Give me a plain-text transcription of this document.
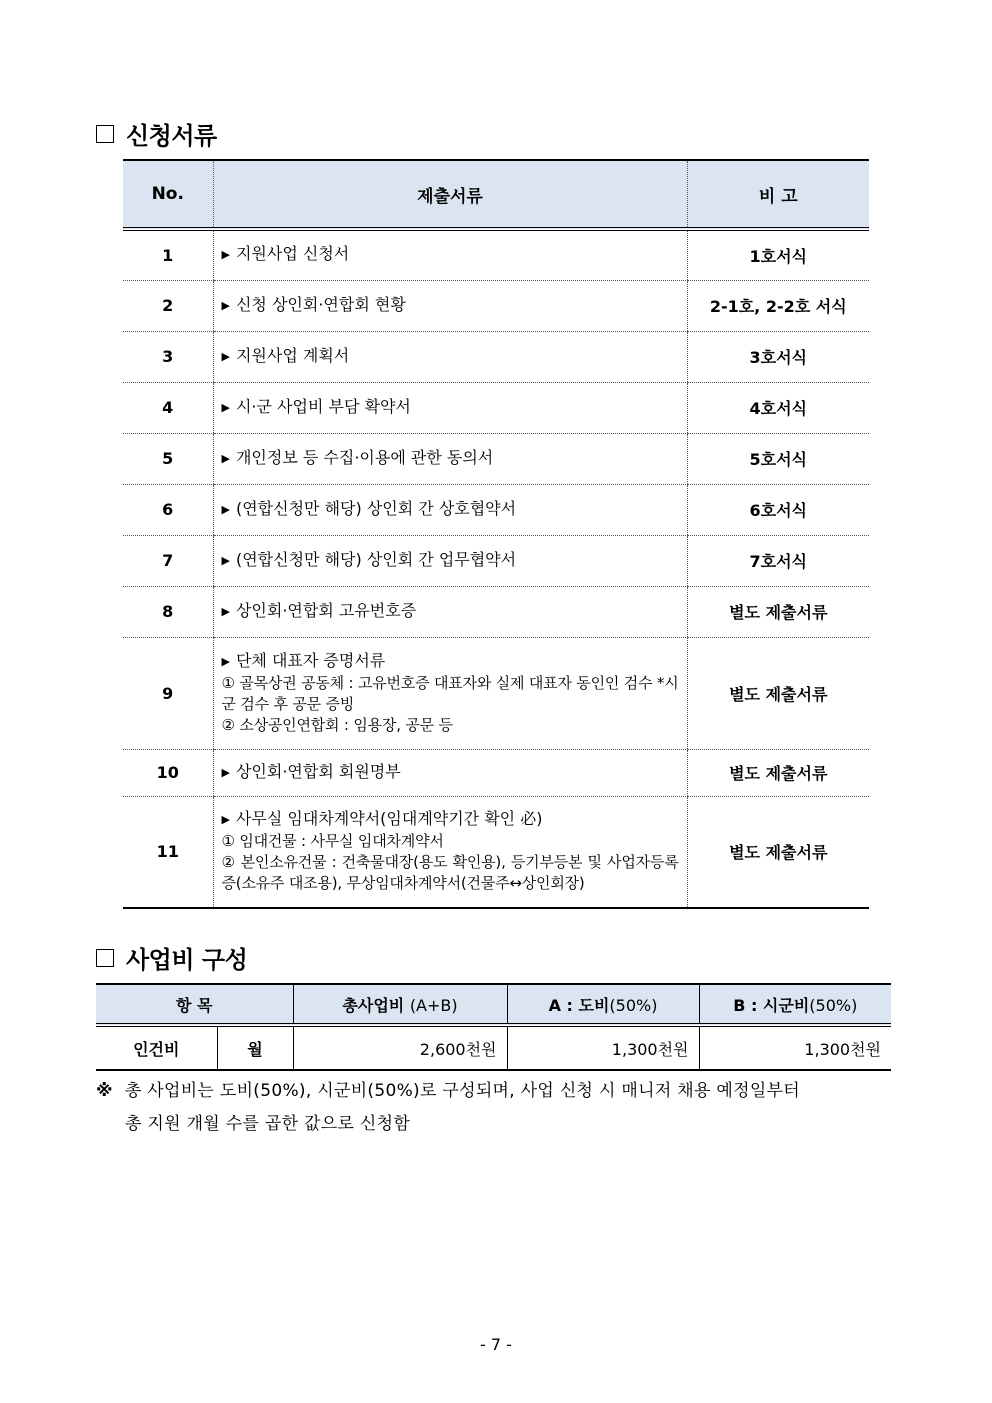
신청서류
No.	제출서류	비 고
1	▶ 지원사업 신청서	1호서식
2	▶ 신청 상인회·연합회 현황	2-1호, 2-2호 서식
3	▶ 지원사업 계획서	3호서식
4	▶ 시·군 사업비 부담 확약서	4호서식
5	▶ 개인정보 등 수집·이용에 관한 동의서	5호서식
6	▶ (연합신청만 해당) 상인회 간 상호협약서	6호서식
7	▶ (연합신청만 해당) 상인회 간 업무협약서	7호서식
8	▶ 상인회·연합회 고유번호증	별도 제출서류
9	▶ 단체 대표자 증명서류
① 골목상권 공동체 : 고유번호증 대표자와 실제 대표자 동인인 검수 *시군 검수 후 공문 증빙
② 소상공인연합회 : 임용장, 공문 등	별도 제출서류
10	▶ 상인회·연합회 회원명부	별도 제출서류
11	▶ 사무실 임대차계약서(임대계약기간 확인 必)
① 임대건물 : 사무실 임대차계약서
② 본인소유건물 : 건축물대장(용도 확인용), 등기부등본 및 사업자등록증(소유주 대조용), 무상임대차계약서(건물주↔상인회장)	별도 제출서류
사업비 구성
항 목		총사업비 (A+B)	A : 도비(50%)	B : 시군비(50%)
인건비	월	2,600천원	1,300천원	1,300천원
※ 총 사업비는 도비(50%), 시군비(50%)로 구성되며, 사업 신청 시 매니저 채용 예정일부터
총 지원 개월 수를 곱한 값으로 신청함
- 7 -
